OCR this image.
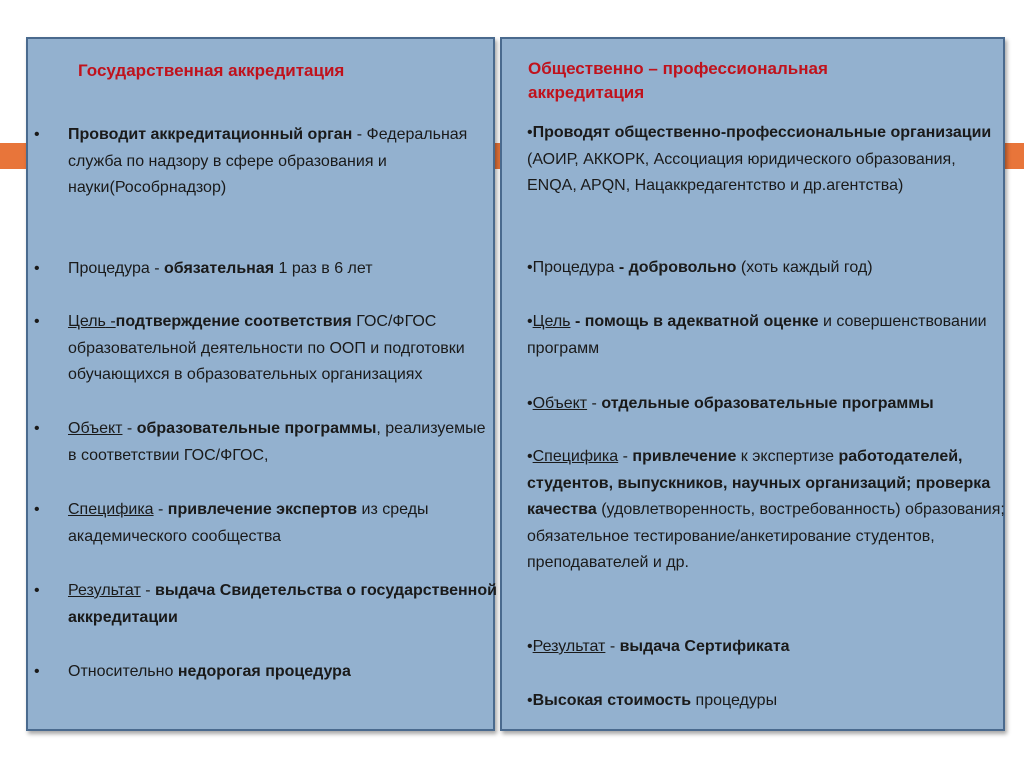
Государственная аккредитация

• Проводит аккредитационный орган - Федеральная служба по надзору в сфере образования и науки(Рособрнадзор)

• Процедура - обязательная 1 раз в 6 лет

• Цель -подтверждение соответствия ГОС/ФГОС образовательной деятельности по ООП и подготовки обучающихся в образовательных организациях

• Объект - образовательные программы, реализуемые в соответствии ГОС/ФГОС,

• Специфика - привлечение экспертов из среды академического сообщества

• Результат - выдача Свидетельства о государственной аккредитации

• Относительно недорогая процедура

Общественно – профессиональная аккредитация

•Проводят общественно-профессиональные организации (АОИР, АККОРК, Ассоциация юридического образования, ENQA, APQN, Нацаккредагентство и др.агентства)

•Процедура - добровольно (хоть каждый год)

•Цель - помощь в адекватной оценке и совершенствовании программ

•Объект - отдельные образовательные программы

•Специфика - привлечение к экспертизе работодателей, студентов, выпускников, научных организаций; проверка качества (удовлетворенность, востребованность) образования; обязательное тестирование/анкетирование студентов, преподавателей и др.

•Результат - выдача Сертификата

•Высокая стоимость процедуры
